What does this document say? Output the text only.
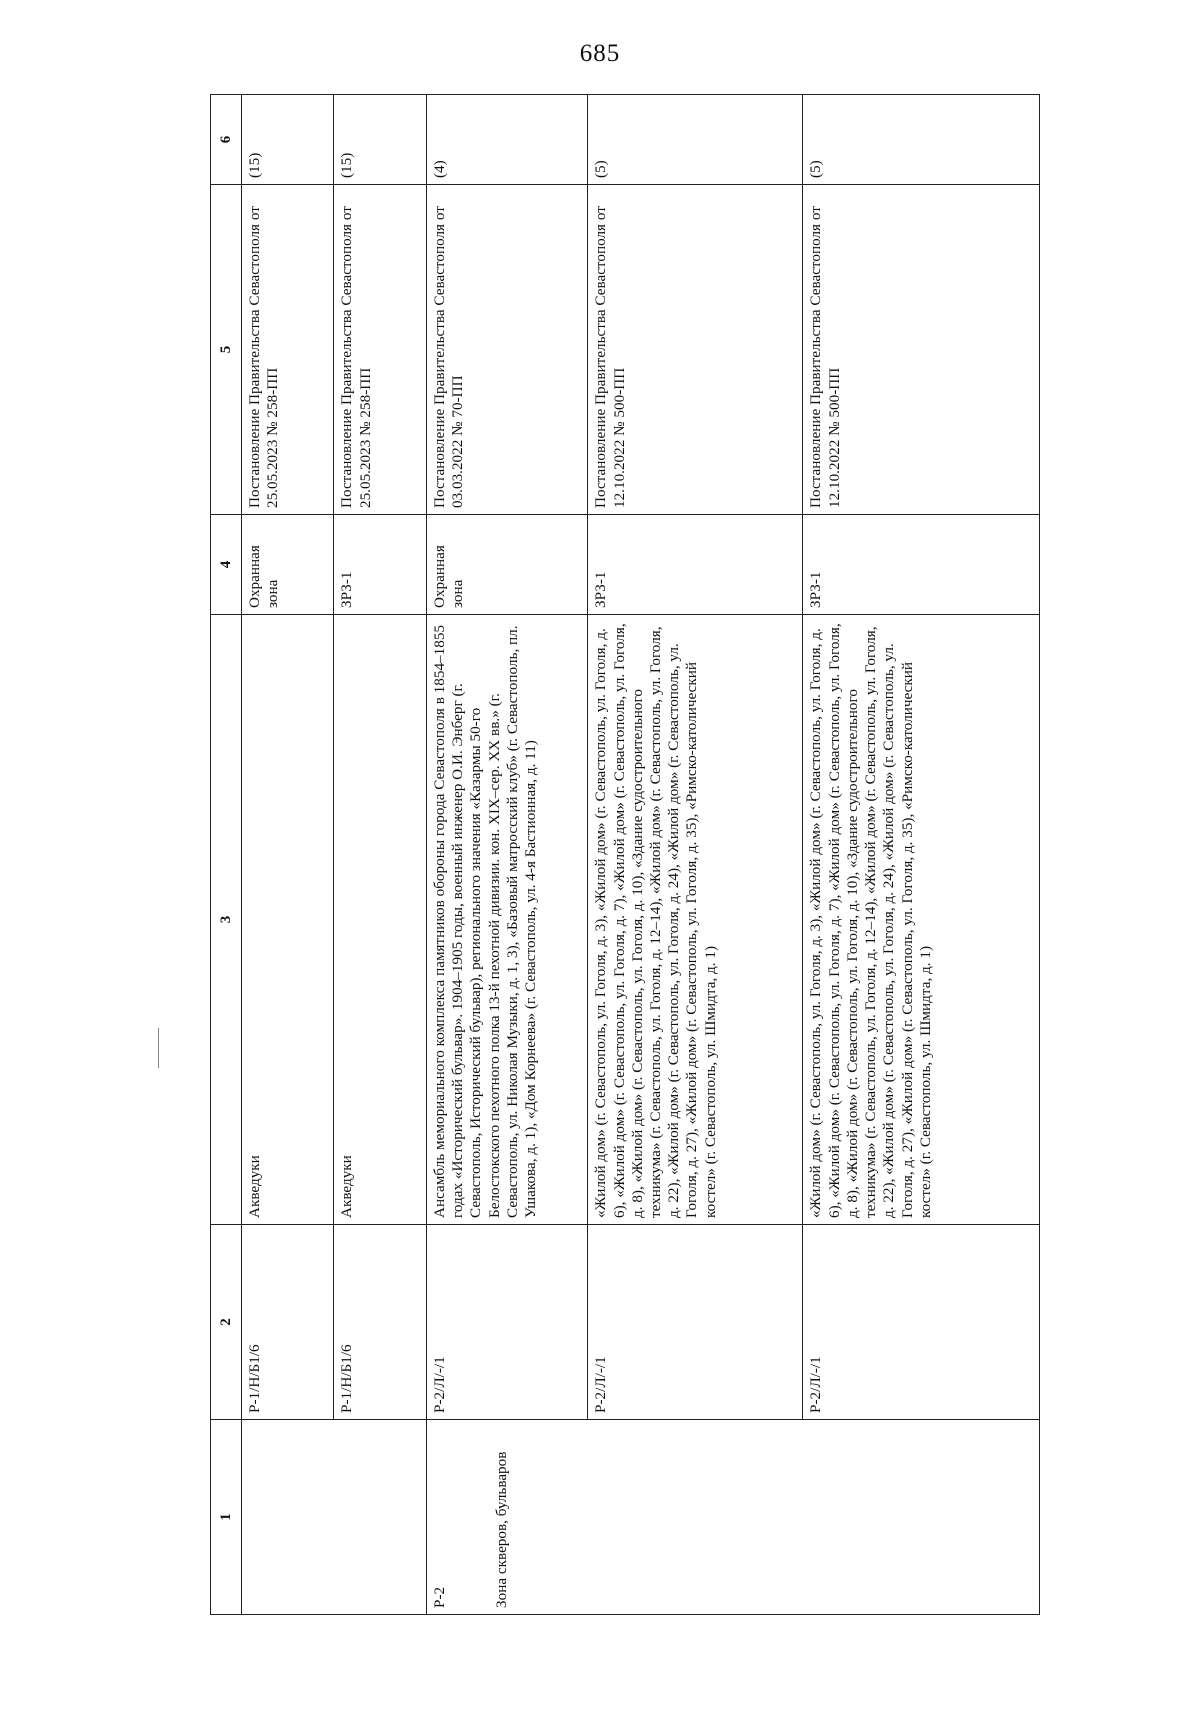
685
1	2	3	4	5	6
	Р-1/Н/Б1/6	Акведуки	Охранная зона	Постановление Правительства Севастополя от 25.05.2023 № 258-ПП	(15)
	Р-1/Н/Б1/6	Акведуки	ЗРЗ-1	Постановление Правительства Севастополя от 25.05.2023 № 258-ПП	(15)

Р-2 Зона скверов, бульваров	Р-2/Л/-/1	Ансамбль мемориального комплекса памятников обороны города Севастополя в 1854–1855 годах «Исторический бульвар». 1904–1905 годы, военный инженер О.И. Энберг (г. Севастополь, Исторический бульвар), регионального значения «Казармы 50-го Белостокского пехотного полка 13-й пехотной дивизии. кон. XIX–сер. XX вв.» (г. Севастополь, ул. Николая Музыки, д. 1, 3), «Базовый матросский клуб» (г. Севастополь, пл. Ушакова, д. 1), «Дом Корнеева» (г. Севастополь, ул. 4-я Бастионная, д. 11)	Охранная зона	Постановление Правительства Севастополя от 03.03.2022 № 70-ПП	(4)
	Р-2/Л/-/1	«Жилой дом» (г. Севастополь, ул. Гоголя, д. 3), «Жилой дом» (г. Севастополь, ул. Гоголя, д. 6), «Жилой дом» (г. Севастополь, ул. Гоголя, д. 7), «Жилой дом» (г. Севастополь, ул. Гоголя, д. 8), «Жилой дом» (г. Севастополь, ул. Гоголя, д. 10), «Здание судостроительного техникума» (г. Севастополь, ул. Гоголя, д. 12–14), «Жилой дом» (г. Севастополь, ул. Гоголя, д. 22), «Жилой дом» (г. Севастополь, ул. Гоголя, д. 24), «Жилой дом» (г. Севастополь, ул. Гоголя, д. 27), «Жилой дом» (г. Севастополь, ул. Гоголя, д. 35), «Римско-католический костел» (г. Севастополь, ул. Шмидта, д. 1)	ЗРЗ-1	Постановление Правительства Севастополя от 12.10.2022 № 500-ПП	(5)
	Р-2/Л/-/1	«Жилой дом» (г. Севастополь, ул. Гоголя, д. 3), «Жилой дом» (г. Севастополь, ул. Гоголя, д. 6), «Жилой дом» (г. Севастополь, ул. Гоголя, д. 7), «Жилой дом» (г. Севастополь, ул. Гоголя, д. 8), «Жилой дом» (г. Севастополь, ул. Гоголя, д. 10), «Здание судостроительного техникума» (г. Севастополь, ул. Гоголя, д. 12–14), «Жилой дом» (г. Севастополь, ул. Гоголя, д. 22), «Жилой дом» (г. Севастополь, ул. Гоголя, д. 24), «Жилой дом» (г. Севастополь, ул. Гоголя, д. 27), «Жилой дом» (г. Севастополь, ул. Гоголя, д. 35), «Римско-католический костел» (г. Севастополь, ул. Шмидта, д. 1)	ЗРЗ-1	Постановление Правительства Севастополя от 12.10.2022 № 500-ПП	(5)
